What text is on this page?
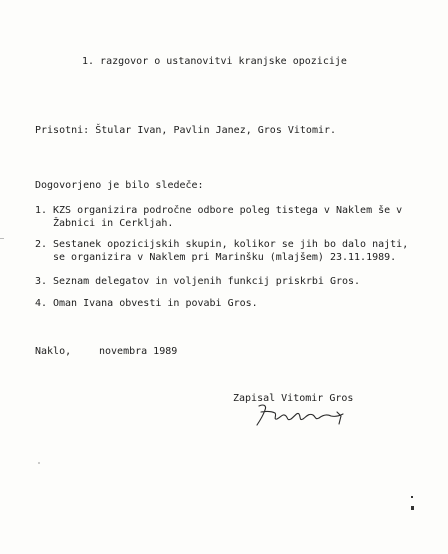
1. razgovor o ustanovitvi kranjske opozicije
Prisotni: Štular Ivan, Pavlin Janez, Gros Vitomir.
Dogovorjeno je bilo sledeče:
1. KZS organizira področne odbore poleg tistega v Naklem še v
Žabnici in Cerkljah.
2. Sestanek opozicijskih skupin, kolikor se jih bo dalo najti,
se organizira v Naklem pri Marinšku (mlajšem) 23.11.1989.
3. Seznam delegatov in voljenih funkcij priskrbi Gros.
4. Oman Ivana obvesti in povabi Gros.
Naklo,	novembra 1989
Zapisal Vitomir Gros
